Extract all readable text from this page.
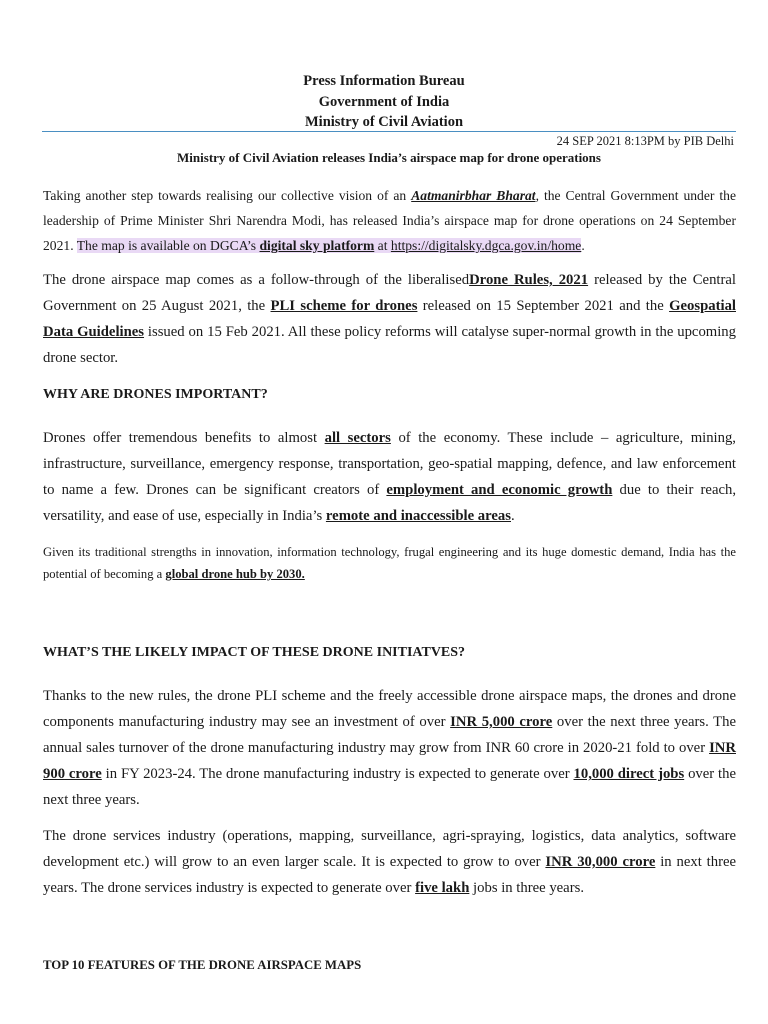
Press Information Bureau
Government of India
Ministry of Civil Aviation
24 SEP 2021 8:13PM by PIB Delhi
Ministry of Civil Aviation releases India’s airspace map for drone operations
Taking another step towards realising our collective vision of an Aatmanirbhar Bharat, the Central Government under the leadership of Prime Minister Shri Narendra Modi, has released India’s airspace map for drone operations on 24 September 2021. The map is available on DGCA’s digital sky platform at https://digitalsky.dgca.gov.in/home.
The drone airspace map comes as a follow-through of the liberalisedDrone Rules, 2021 released by the Central Government on 25 August 2021, the PLI scheme for drones released on 15 September 2021 and the Geospatial Data Guidelines issued on 15 Feb 2021. All these policy reforms will catalyse super-normal growth in the upcoming drone sector.
WHY ARE DRONES IMPORTANT?
Drones offer tremendous benefits to almost all sectors of the economy. These include – agriculture, mining, infrastructure, surveillance, emergency response, transportation, geo-spatial mapping, defence, and law enforcement to name a few. Drones can be significant creators of employment and economic growth due to their reach, versatility, and ease of use, especially in India’s remote and inaccessible areas.
Given its traditional strengths in innovation, information technology, frugal engineering and its huge domestic demand, India has the potential of becoming a global drone hub by 2030.
WHAT’S THE LIKELY IMPACT OF THESE DRONE INITIATVES?
Thanks to the new rules, the drone PLI scheme and the freely accessible drone airspace maps, the drones and drone components manufacturing industry may see an investment of over INR 5,000 crore over the next three years. The annual sales turnover of the drone manufacturing industry may grow from INR 60 crore in 2020-21 fold to over INR 900 crore in FY 2023-24. The drone manufacturing industry is expected to generate over 10,000 direct jobs over the next three years.
The drone services industry (operations, mapping, surveillance, agri-spraying, logistics, data analytics, software development etc.) will grow to an even larger scale. It is expected to grow to over INR 30,000 crore in next three years. The drone services industry is expected to generate over five lakh jobs in three years.
TOP 10 FEATURES OF THE DRONE AIRSPACE MAPS
